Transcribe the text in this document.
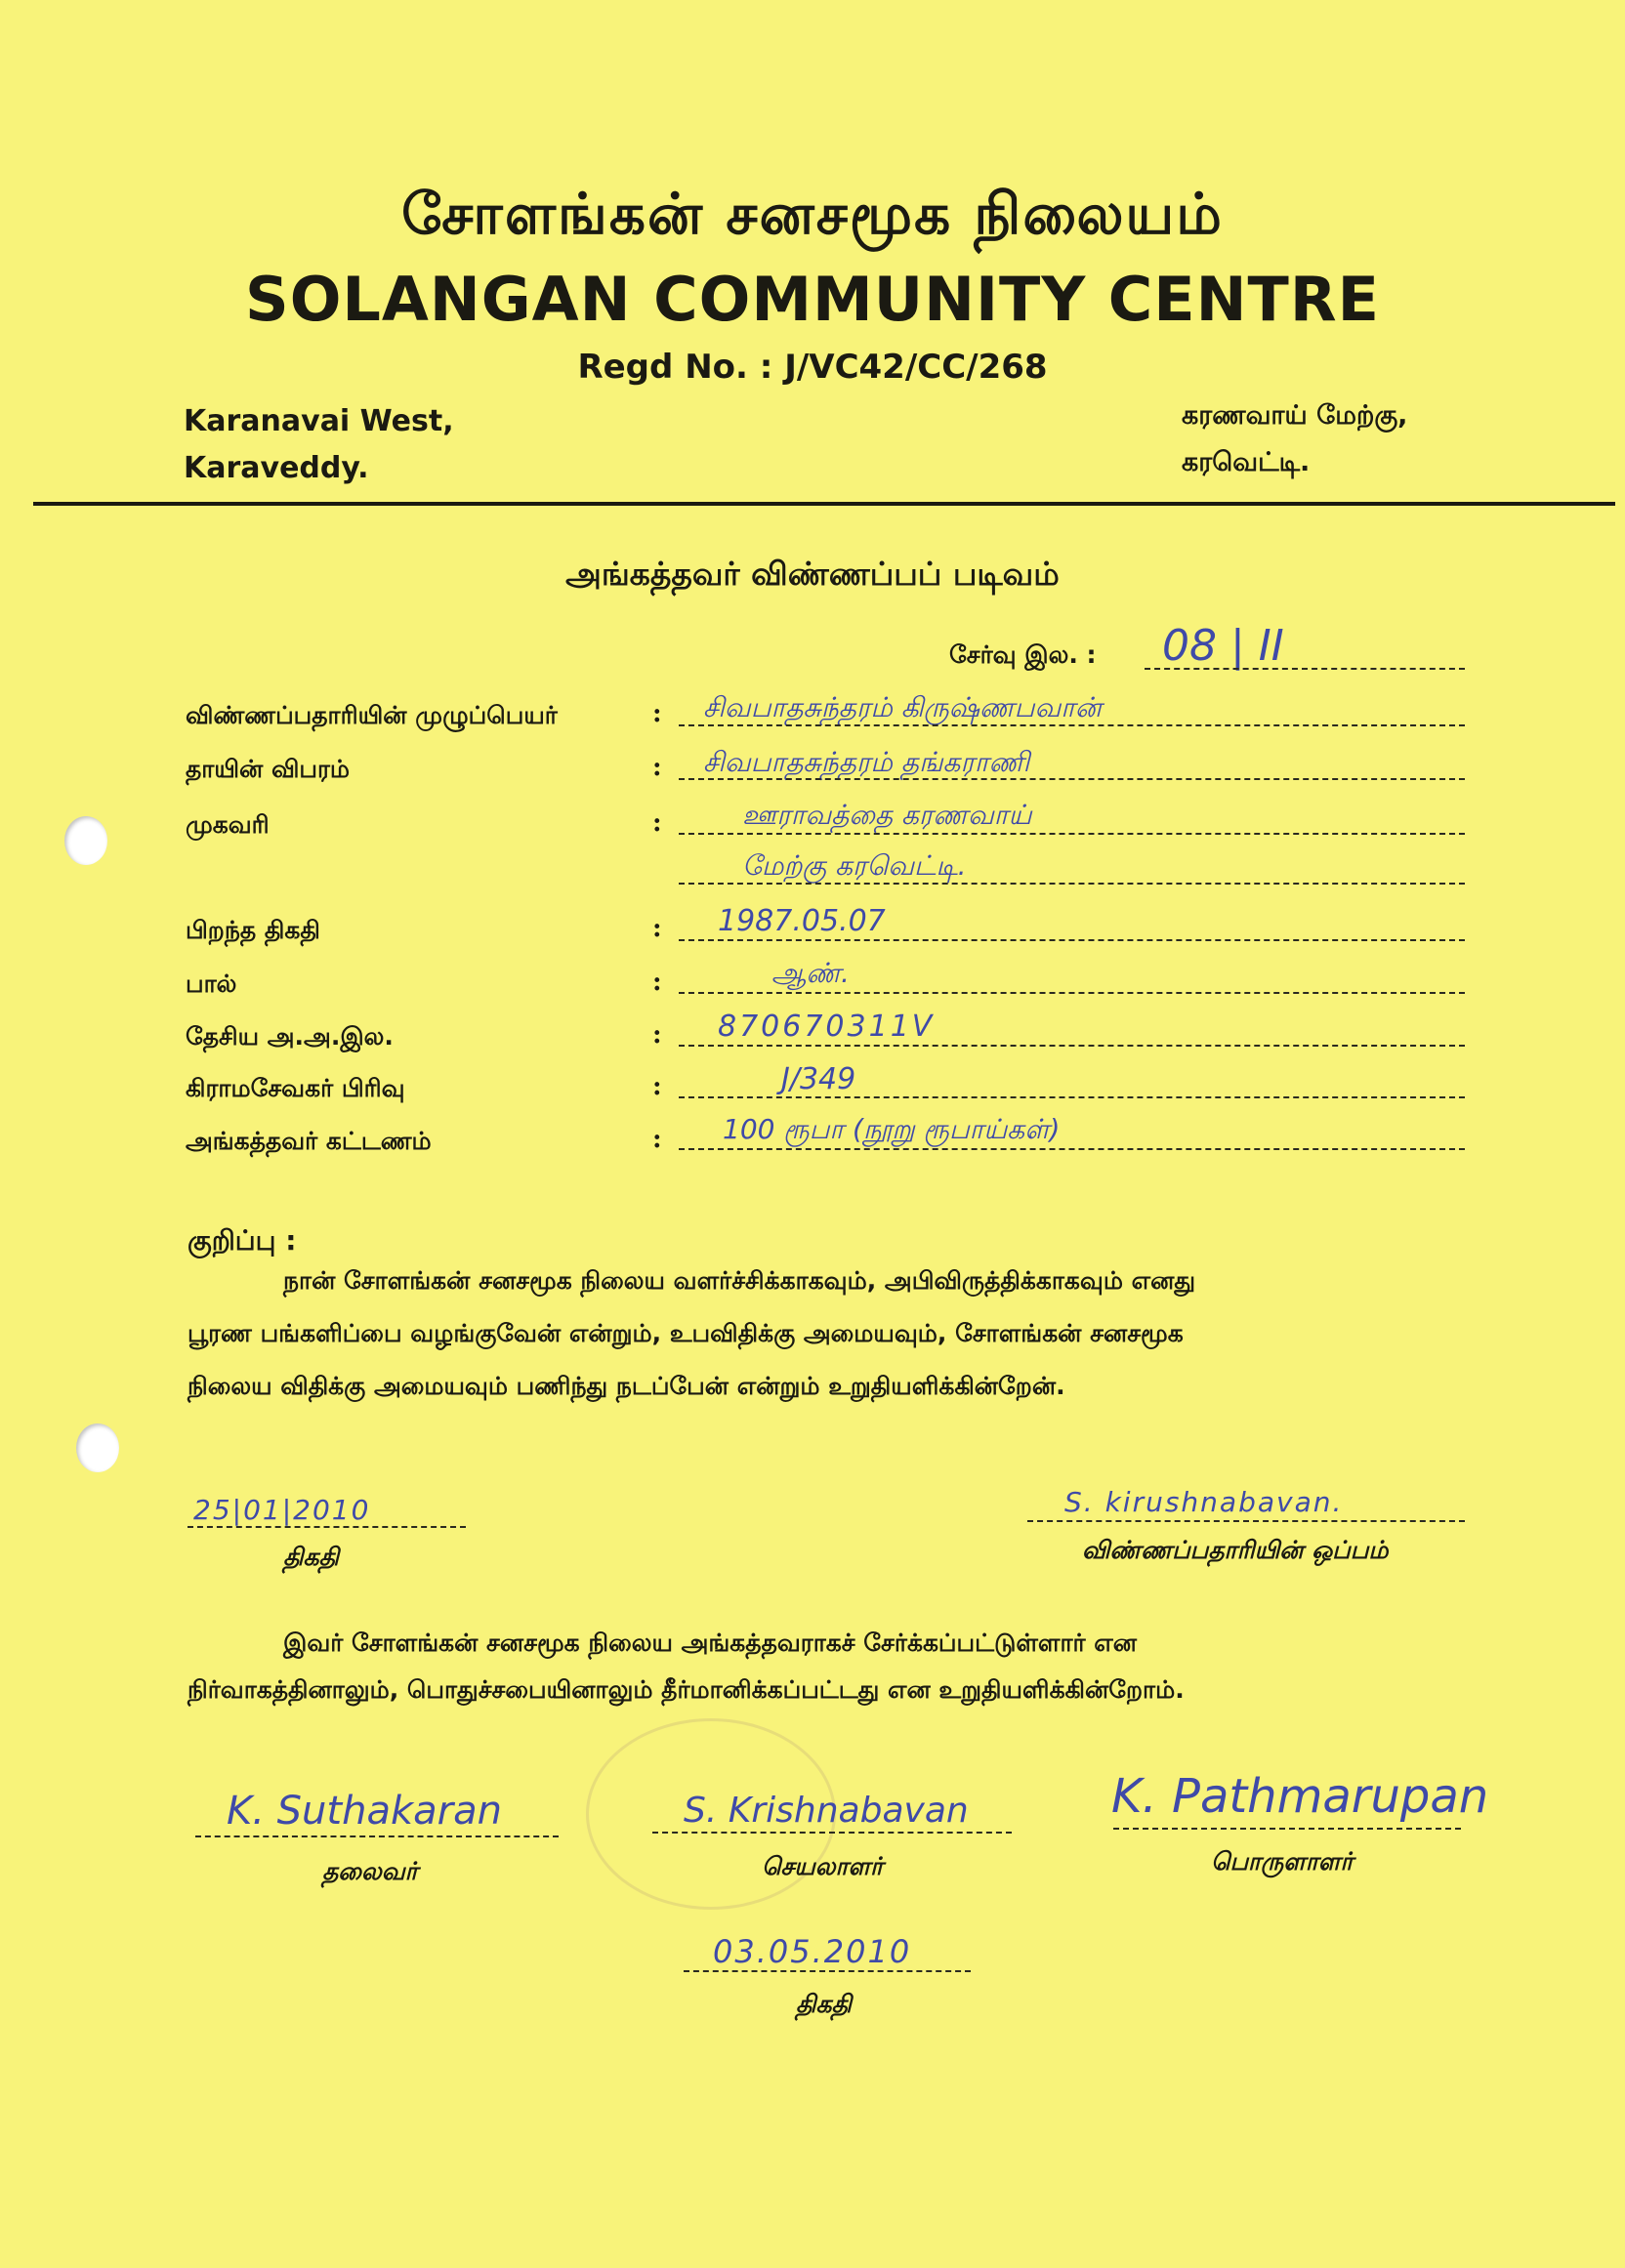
சோளங்கன் சனசமூக நிலையம்
SOLANGAN COMMUNITY CENTRE
Regd No. : J/VC42/CC/268
Karanavai West,
Karaveddy.
கரணவாய் மேற்கு,
கரவெட்டி.
அங்கத்தவர் விண்ணப்பப் படிவம்
சேர்வு இல. : 08 | II
விண்ணப்பதாரியின் முழுப்பெயர்	: சிவபாதசுந்தரம் கிருஷ்ணபவான்
தாயின் விபரம்	: சிவபாதசுந்தரம் தங்கராணி
முகவரி	:	ஊராவத்தை கரணவாய்
மேற்கு கரவெட்டி.
பிறந்த திகதி	: 1987.05.07
பால்	:	ஆண்.
தேசிய அ.அ.இல.	: 870670311V
கிராமசேவகர் பிரிவு	:	J/349
அங்கத்தவர் கட்டணம்	: 100 ரூபா (நூறு ரூபாய்கள்)
குறிப்பு :
நான் சோளங்கன் சனசமூக நிலைய வளர்ச்சிக்காகவும், அபிவிருத்திக்காகவும் எனது
பூரண பங்களிப்பை வழங்குவேன் என்றும், உபவிதிக்கு அமையவும், சோளங்கன் சனசமூக
நிலைய விதிக்கு அமையவும் பணிந்து நடப்பேன் என்றும் உறுதியளிக்கின்றேன்.
25|01|2010
திகதி
S. kirushnabavan.
விண்ணப்பதாரியின் ஒப்பம்
இவர் சோளங்கன் சனசமூக நிலைய அங்கத்தவராகச் சேர்க்கப்பட்டுள்ளார் என
நிர்வாகத்தினாலும், பொதுச்சபையினாலும் தீர்மானிக்கப்பட்டது என உறுதியளிக்கின்றோம்.
K. Suthakaran
தலைவர்
S. Krishnabavan
செயலாளர்
K. Pathmarupan
பொருளாளர்
03.05.2010
திகதி
